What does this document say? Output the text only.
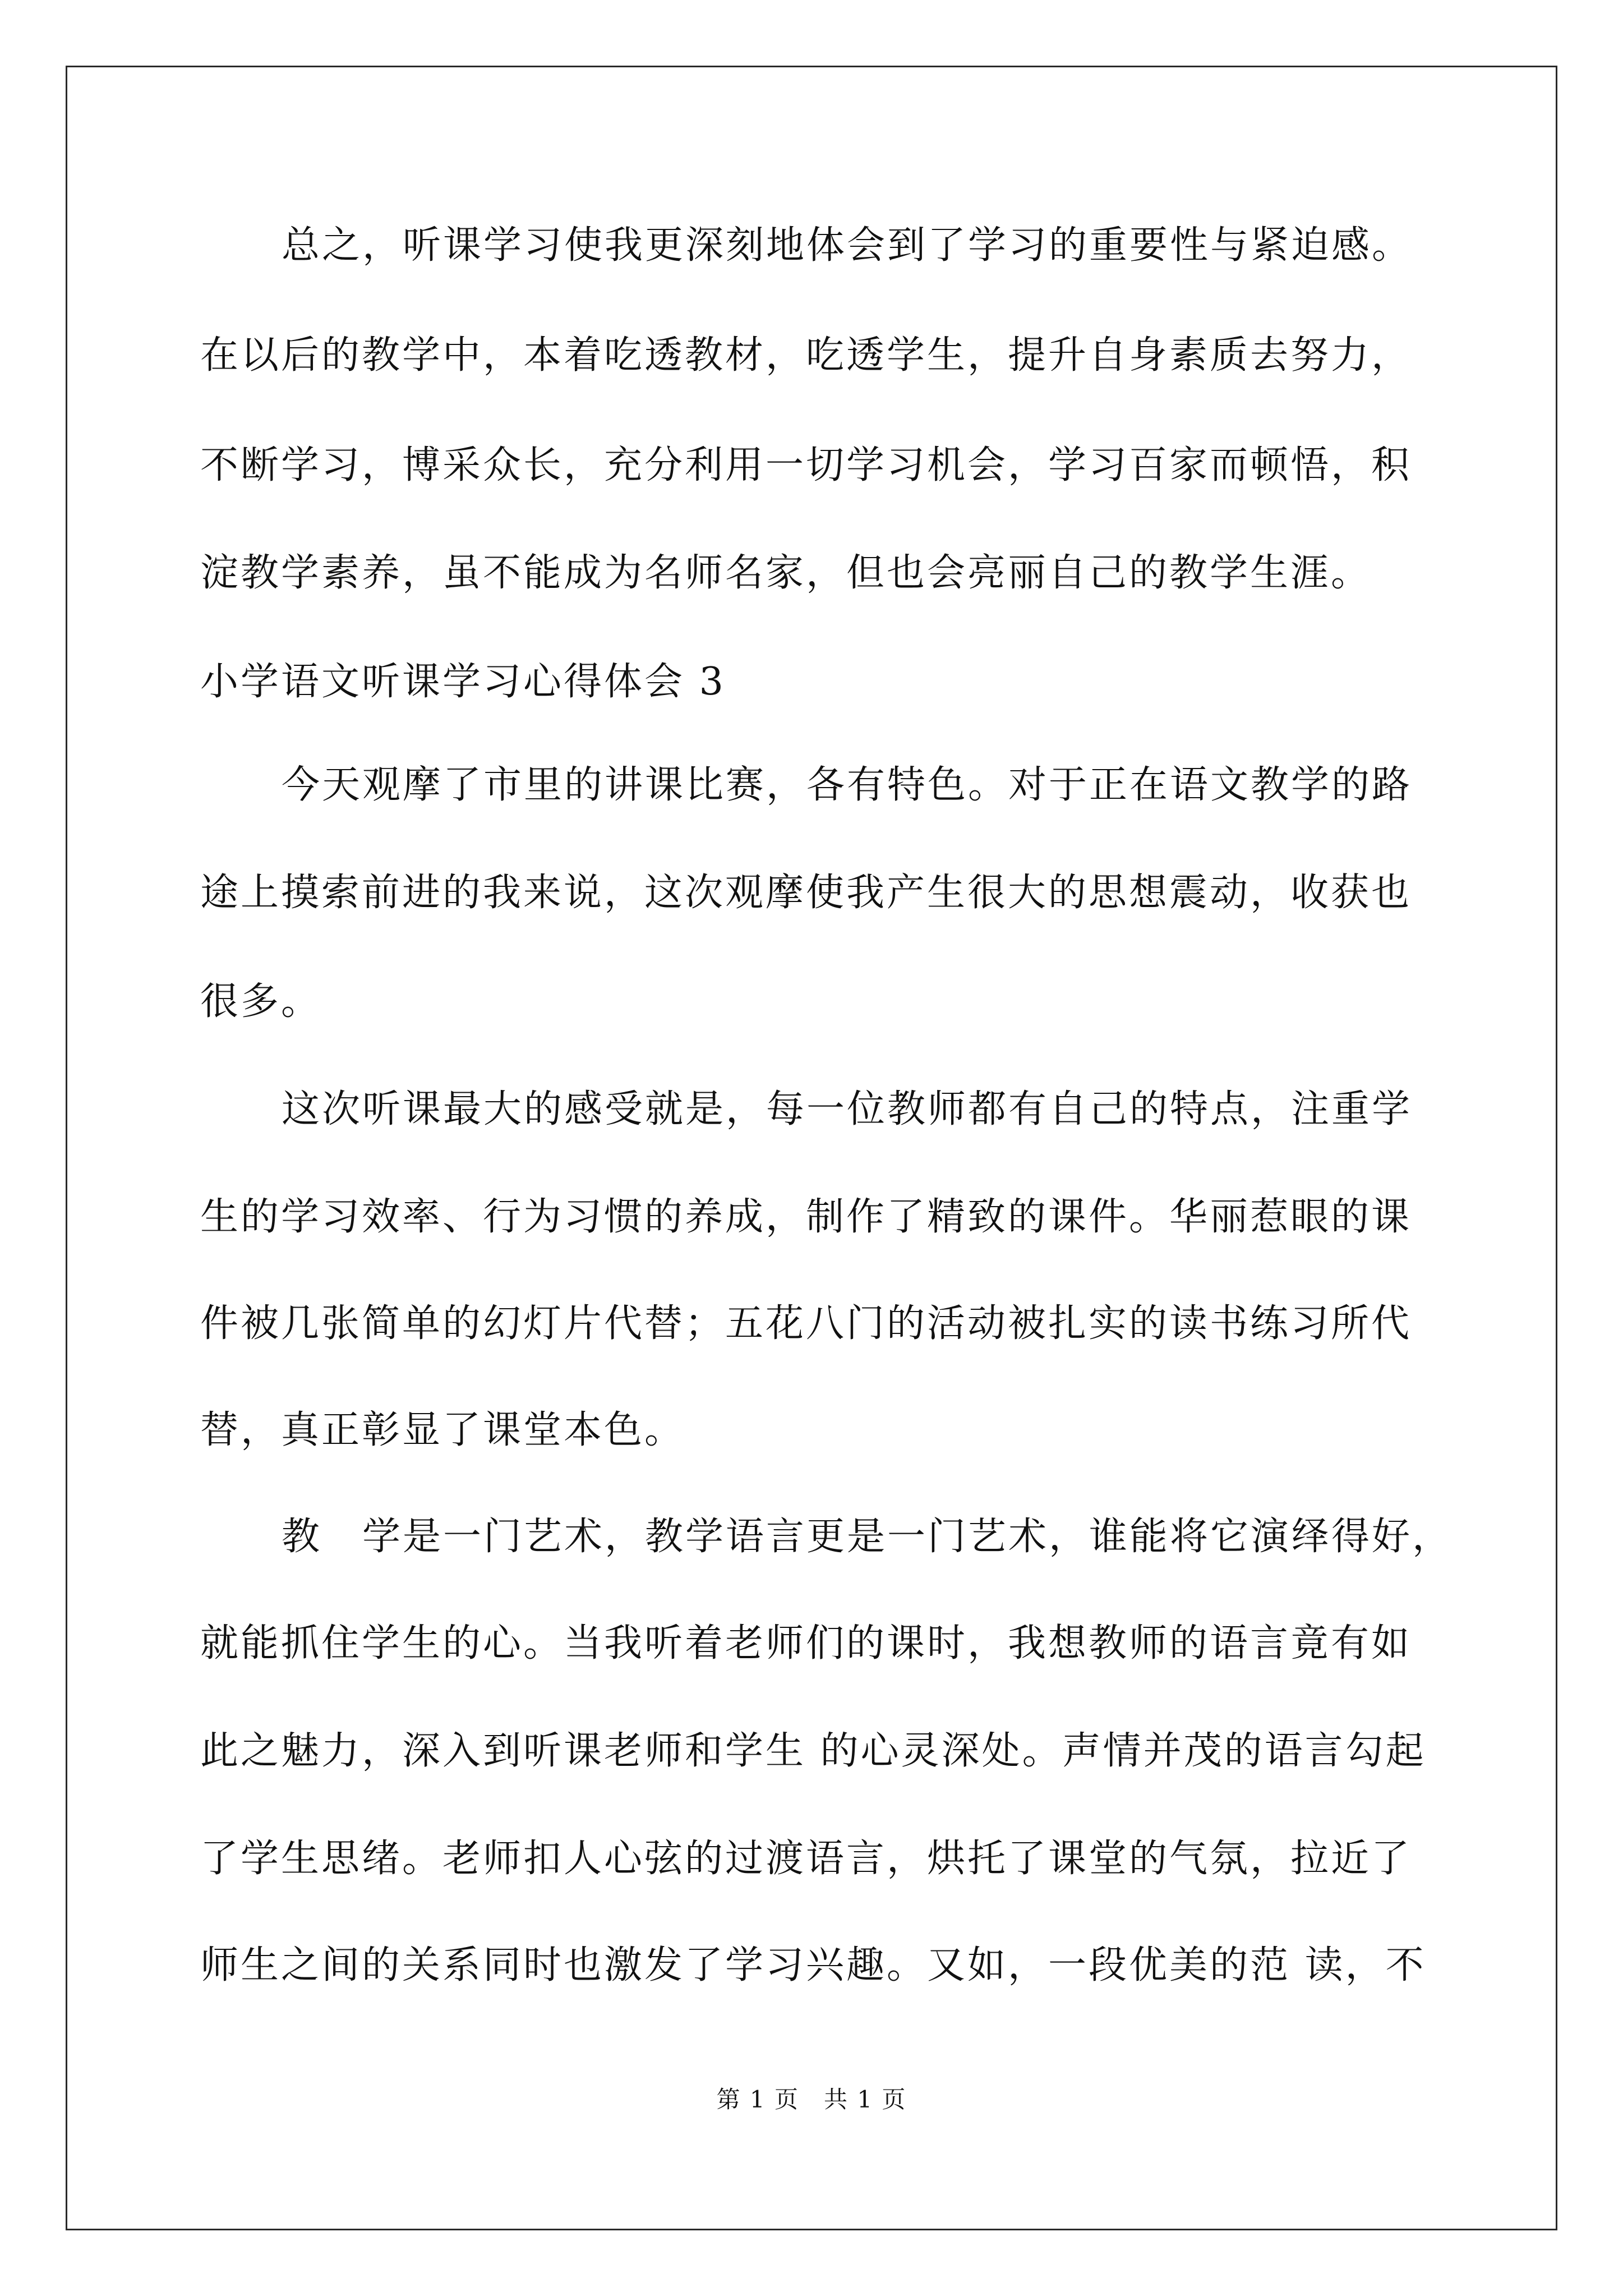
总之，听课学习使我更深刻地体会到了学习的重要性与紧迫感。
在以后的教学中，本着吃透教材，吃透学生，提升自身素质去努力，
不断学习，博采众长，充分利用一切学习机会，学习百家而顿悟，积
淀教学素养，虽不能成为名师名家，但也会亮丽自己的教学生涯。
小学语文听课学习心得体会 3
今天观摩了市里的讲课比赛，各有特色。对于正在语文教学的路
途上摸索前进的我来说，这次观摩使我产生很大的思想震动，收获也
很多。
这次听课最大的感受就是，每一位教师都有自己的特点，注重学
生的学习效率、行为习惯的养成，制作了精致的课件。华丽惹眼的课
件被几张简单的幻灯片代替；五花八门的活动被扎实的读书练习所代
替，真正彰显了课堂本色。
教　学是一门艺术，教学语言更是一门艺术，谁能将它演绎得好，
就能抓住学生的心。当我听着老师们的课时，我想教师的语言竟有如
此之魅力，深入到听课老师和学生 的心灵深处。声情并茂的语言勾起
了学生思绪。老师扣人心弦的过渡语言，烘托了课堂的气氛，拉近了
师生之间的关系同时也激发了学习兴趣。又如，一段优美的范 读，不
第 1 页　共 1 页
